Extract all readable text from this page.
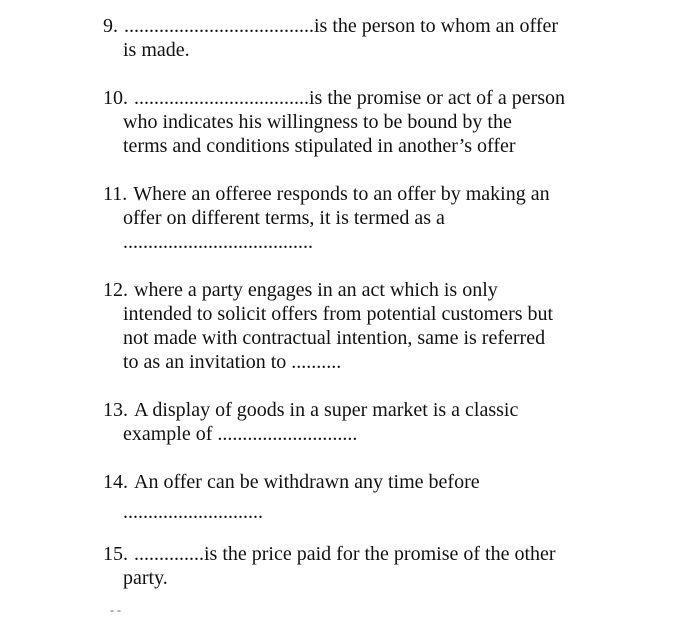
9. ......................................is the person to whom an offer
is made.
10. ...................................is the promise or act of a person
who indicates his willingness to be bound by the
terms and conditions stipulated in another’s offer
11. Where an offeree responds to an offer by making an
offer on different terms, it is termed as a
......................................
12. where a party engages in an act which is only
intended to solicit offers from potential customers but
not made with contractual intention, same is referred
to as an invitation to ..........
13. A display of goods in a super market is a classic
example of ............................
14. An offer can be withdrawn any time before
............................
15. ..............is the price paid for the promise of the other
party.
- -
